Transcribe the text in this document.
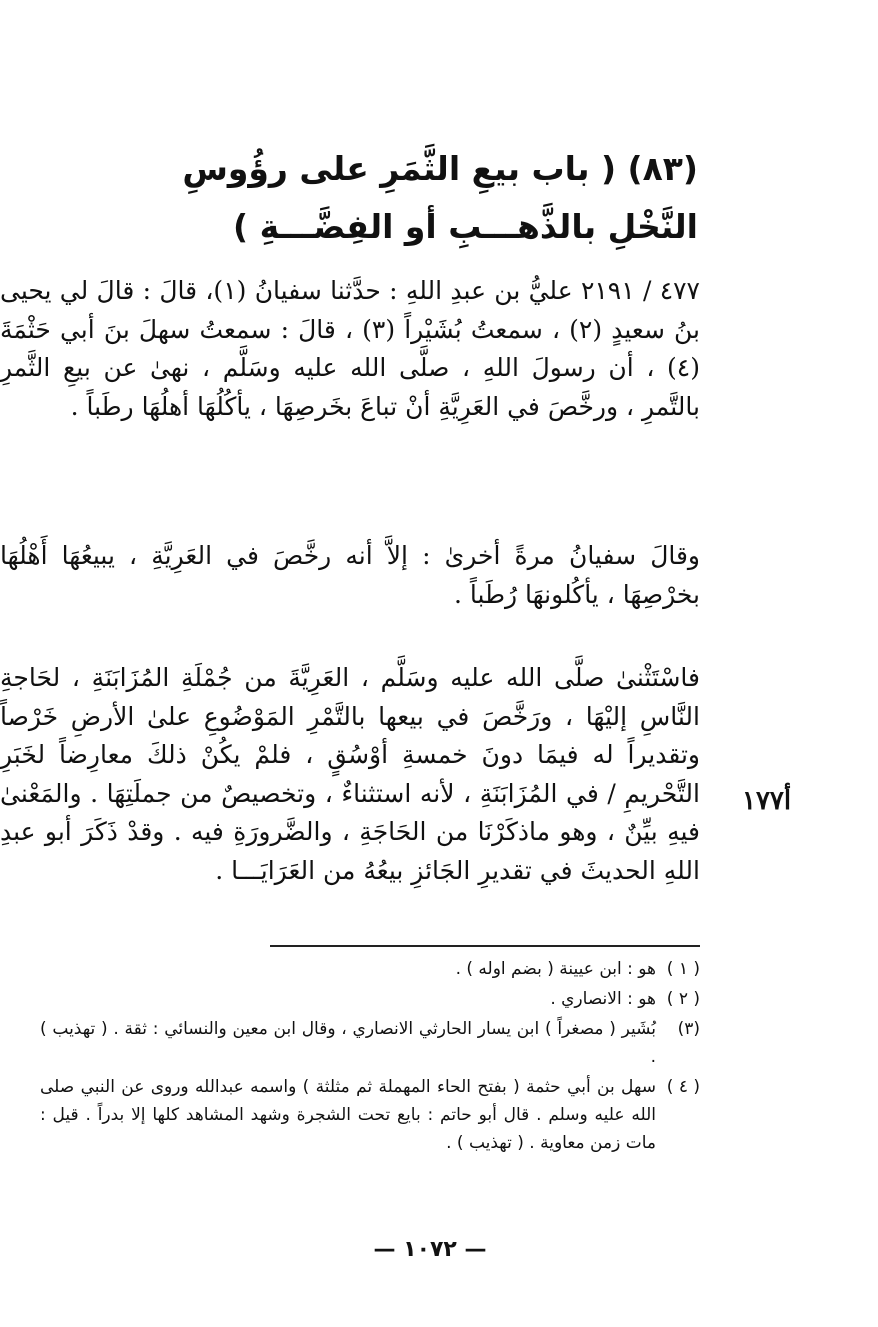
(٨٣) ( باب بيعِ الثَّمَرِ على رؤُوسِ النَّخْلِ بالذَّهـــبِ أو الفِضَّـــةِ )
٤٧٧ / ٢١٩١ عليُّ بن عبدِ اللهِ : حدَّثنا سفيانُ (١)، قالَ : قالَ لي يحيى بنُ سعيدٍ (٢) ، سمعتُ بُشَيْراً (٣) ، قالَ : سمعتُ سهلَ بنَ أبي حَثْمَةَ (٤) ، أن رسولَ اللهِ ، صلَّى الله عليه وسَلَّم ، نهىٰ عن بيعِ الثَّمرِ بالتَّمرِ ، ورخَّصَ في العَرِيَّةِ أنْ تباعَ بخَرصِهَا ، يأكُلُهَا أهلُهَا رطَباً .
وقالَ سفيانُ مرةً أخرىٰ : إلاَّ أنه رخَّصَ في العَرِيَّةِ ، يبيعُهَا أَهْلُهَا بخرْصِهَا ، يأكُلونهَا رُطَباً .
فاسْتَثْنىٰ صلَّى الله عليه وسَلَّم ، العَرِيَّةَ من جُمْلَةِ المُزَابَنَةِ ، لحَاجةِ النَّاسِ إليْهَا ، ورَخَّصَ في بيعها بالتَّمْرِ المَوْضُوعِ علىٰ الأرضِ خَرْصاً وتقديراً له فيمَا دونَ خمسةِ أوْسُقٍ ، فلمْ يكُنْ ذلكَ معارِضاً لخَبَرِ التَّحْريمِ / في المُزَابَنَةِ ، لأنه استثناءٌ ، وتخصيصٌ من جملَتِهَا . والمَعْنىٰ فيهِ بيِّنٌ ، وهو ماذكَرْنَا من الحَاجَةِ ، والضَّرورَةِ فيه . وقدْ ذَكَرَ أبو عبدِ اللهِ الحديثَ في تقديرِ الجَائزِ بيعُهُ من العَرَايَـــا .
أ١٧٧
( ١ )
هو : ابن عيينة ( بضم اوله ) .
( ٢ )
هو : الانصاري .
(٣)
بُشَير ( مصغراً ) ابن يسار الحارثي الانصاري ، وقال ابن معين والنسائي : ثقة . ( تهذيب ) .
( ٤ )
سهل بن أبي حثمة ( بفتح الحاء المهملة ثم مثلثة ) واسمه عبدالله وروى عن النبي صلى الله عليه وسلم . قال أبو حاتم : بايع تحت الشجرة وشهد المشاهد كلها إلا بدراً . قيل : مات زمن معاوية . ( تهذيب ) .
— ١٠٧٢ —
